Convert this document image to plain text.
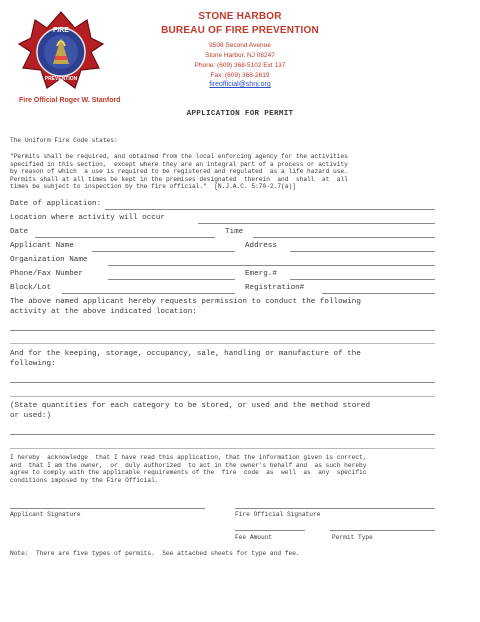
FIRE
PREVENTION
STONE HARBOR
BUREAU OF FIRE PREVENTION
9508 Second Avenue
Stone Harbor, NJ 08247
Phone: (609) 368-5102 Ext 137
Fax: (609) 368-2619
fireofficial@shnj.org
Fire Official Roger W. Stanford
APPLICATION FOR PERMIT
The Uniform Fire Code states:
"Permits shall be required, and obtained from the local enforcing agency for the activities
specified in this section,  except where they are an integral part of a process or activity
by reason of which  a use is required to be registered and regulated  as a life hazard use.
Permits shall at all times be kept in the premises designated  therein  and  shall  at  all
times be subject to inspection by the fire official."  [N.J.A.C. 5:70-2.7(a)]
Date of application:
Location where activity will occur
Date	Time
Applicant Name	Address
Organization Name
Phone/Fax Number	Emerg.#
Block/Lot	Registration#
The above named applicant hereby requests permission to conduct the following
activity at the above indicated location:
And for the keeping, storage, occupancy, sale, handling or manufacture of the
following:
(State quantities for each category to be stored, or used and the method stored
or used:)
I hereby  acknowledge  that I have read this application, that the information given is correct,
and  that I am the owner,  or  duly authorized  to act in the owner's behalf and  as such hereby
agree to comply with the applicable requirements of the  fire  code  as  well  as  any  specific
conditions imposed by the Fire Official.
Applicant Signature	Fire Official Signature
Fee Amount	Permit Type
Note:  There are five types of permits.  See attached sheets for type and fee.
